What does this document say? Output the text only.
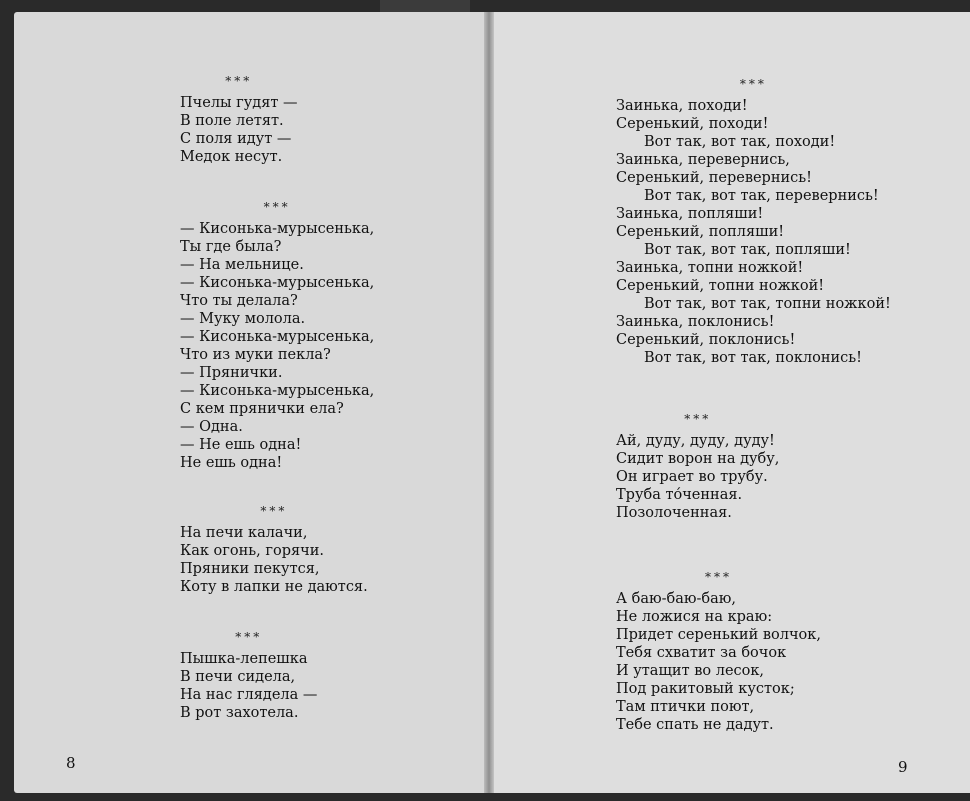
***
Пчелы гудят —
В поле летят.
С поля идут —
Медок несут.
***
— Кисонька-мурысенька,
Ты где была?
— На мельнице.
— Кисонька-мурысенька,
Что ты делала?
— Муку молола.
— Кисонька-мурысенька,
Что из муки пекла?
— Прянички.
— Кисонька-мурысенька,
С кем прянички ела?
— Одна.
— Не ешь одна!
Не ешь одна!
***
На печи калачи,
Как огонь, горячи.
Пряники пекутся,
Коту в лапки не даются.
***
Пышка-лепешка
В печи сидела,
На нас глядела —
В рот захотела.
8
***
Заинька, походи!
Серенький, походи!
Вот так, вот так, походи!
Заинька, перевернись,
Серенький, перевернись!
Вот так, вот так, перевернись!
Заинька, попляши!
Серенький, попляши!
Вот так, вот так, попляши!
Заинька, топни ножкой!
Серенький, топни ножкой!
Вот так, вот так, топни ножкой!
Заинька, поклонись!
Серенький, поклонись!
Вот так, вот так, поклонись!
***
Ай, дуду, дуду, дуду!
Сидит ворон на дубу,
Он играет во трубу.
Труба то́ченная.
Позолоченная.
***
А баю-баю-баю,
Не ложися на краю:
Придет серенький волчок,
Тебя схватит за бочок
И утащит во лесок,
Под ракитовый кусток;
Там птички поют,
Тебе спать не дадут.
9
